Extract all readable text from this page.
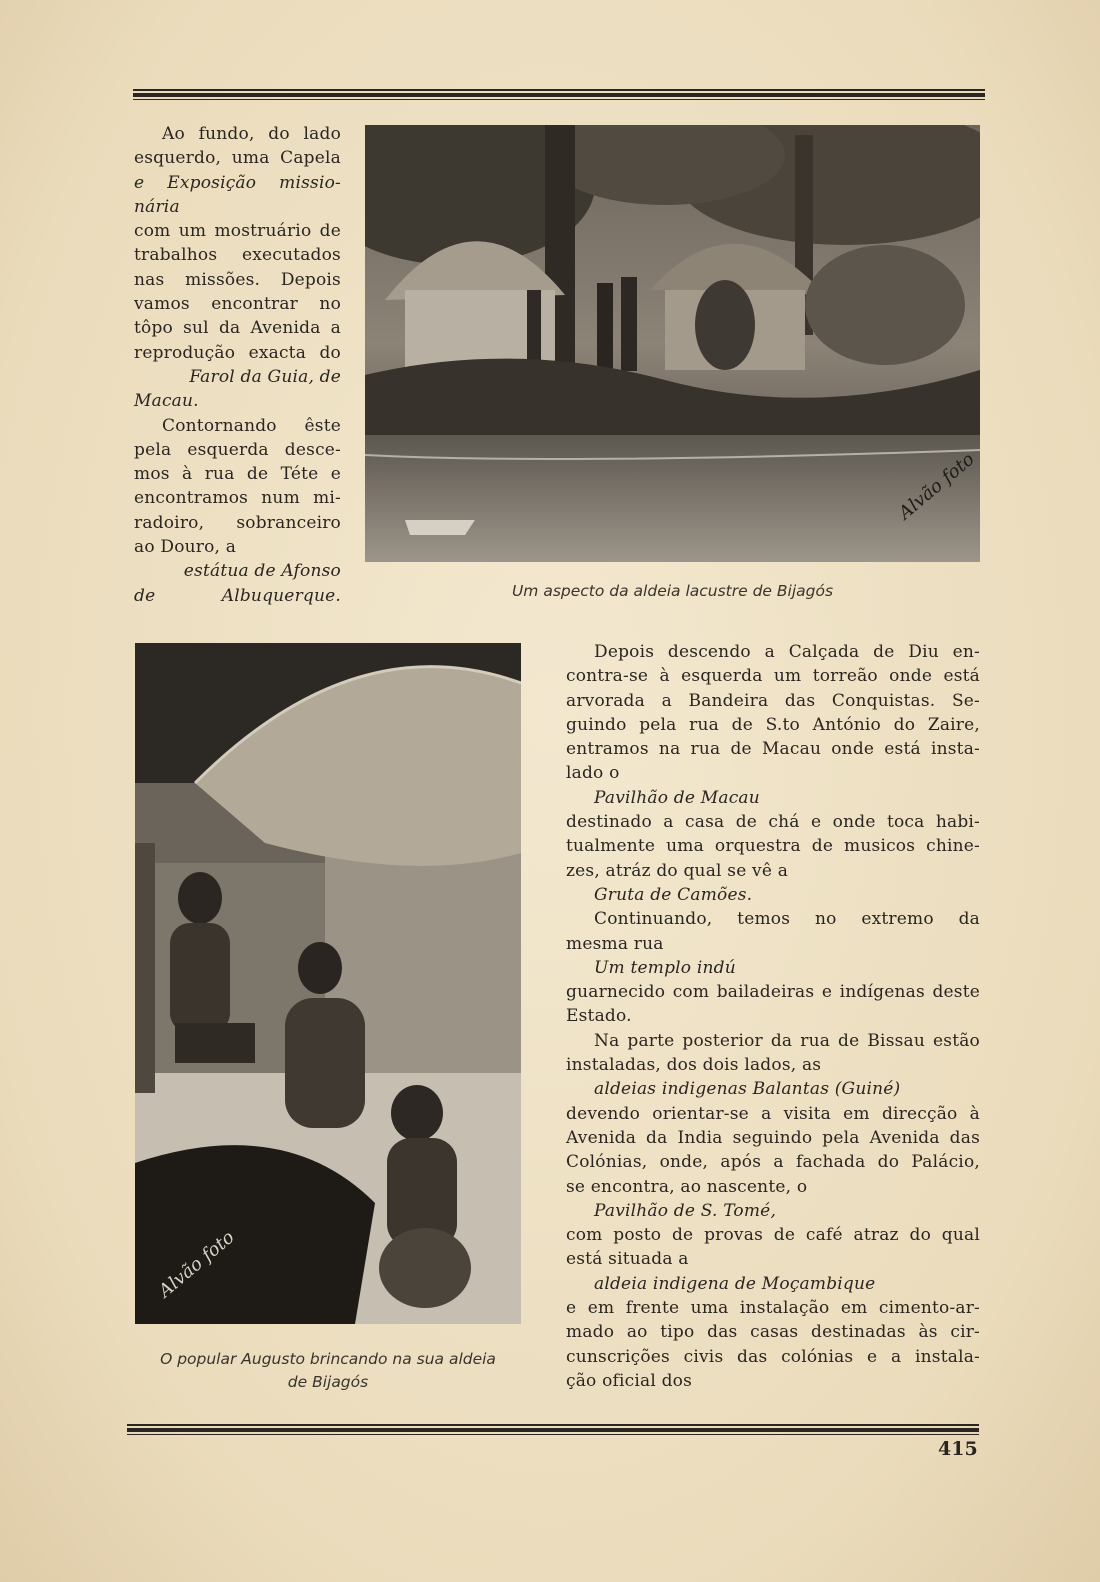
Ao fundo, do lado

esquerdo, uma Capela

e Exposição missio-

nária

com um mostruário de

trabalhos executados

nas missões. Depois

vamos encontrar no

tôpo sul da Avenida a

reprodução exacta do

Farol da Guia, de

Macau.

Contornando êste

pela esquerda desce-

mos à rua de Téte e

encontramos num mi-

radoiro, sobranceiro

ao Douro, a

estátua de Afonso

de Albuquerque.

Alvão foto
Um aspecto da aldeia lacustre de Bijagós
Alvão foto
O popular Augusto brincando na sua aldeia
de Bijagós

Depois descendo a Calçada de Diu en-

contra-se à esquerda um torreão onde está

arvorada a Bandeira das Conquistas. Se-

guindo pela rua de S.to António do Zaire,

entramos na rua de Macau onde está insta-

lado o

Pavilhão de Macau

destinado a casa de chá e onde toca habi-

tualmente uma orquestra de musicos chine-

zes, atráz do qual se vê a

Gruta de Camões.

Continuando, temos no extremo da

mesma rua

Um templo indú

guarnecido com bailadeiras e indígenas deste

Estado.

Na parte posterior da rua de Bissau estão

instaladas, dos dois lados, as

aldeias indigenas Balantas (Guiné)

devendo orientar-se a visita em direcção à

Avenida da India seguindo pela Avenida das

Colónias, onde, após a fachada do Palácio,

se encontra, ao nascente, o

Pavilhão de S. Tomé,

com posto de provas de café atraz do qual

está situada a

aldeia indigena de Moçambique

e em frente uma instalação em cimento-ar-

mado ao tipo das casas destinadas às cir-

cunscrições civis das colónias e a instala-

ção oficial dos

415
